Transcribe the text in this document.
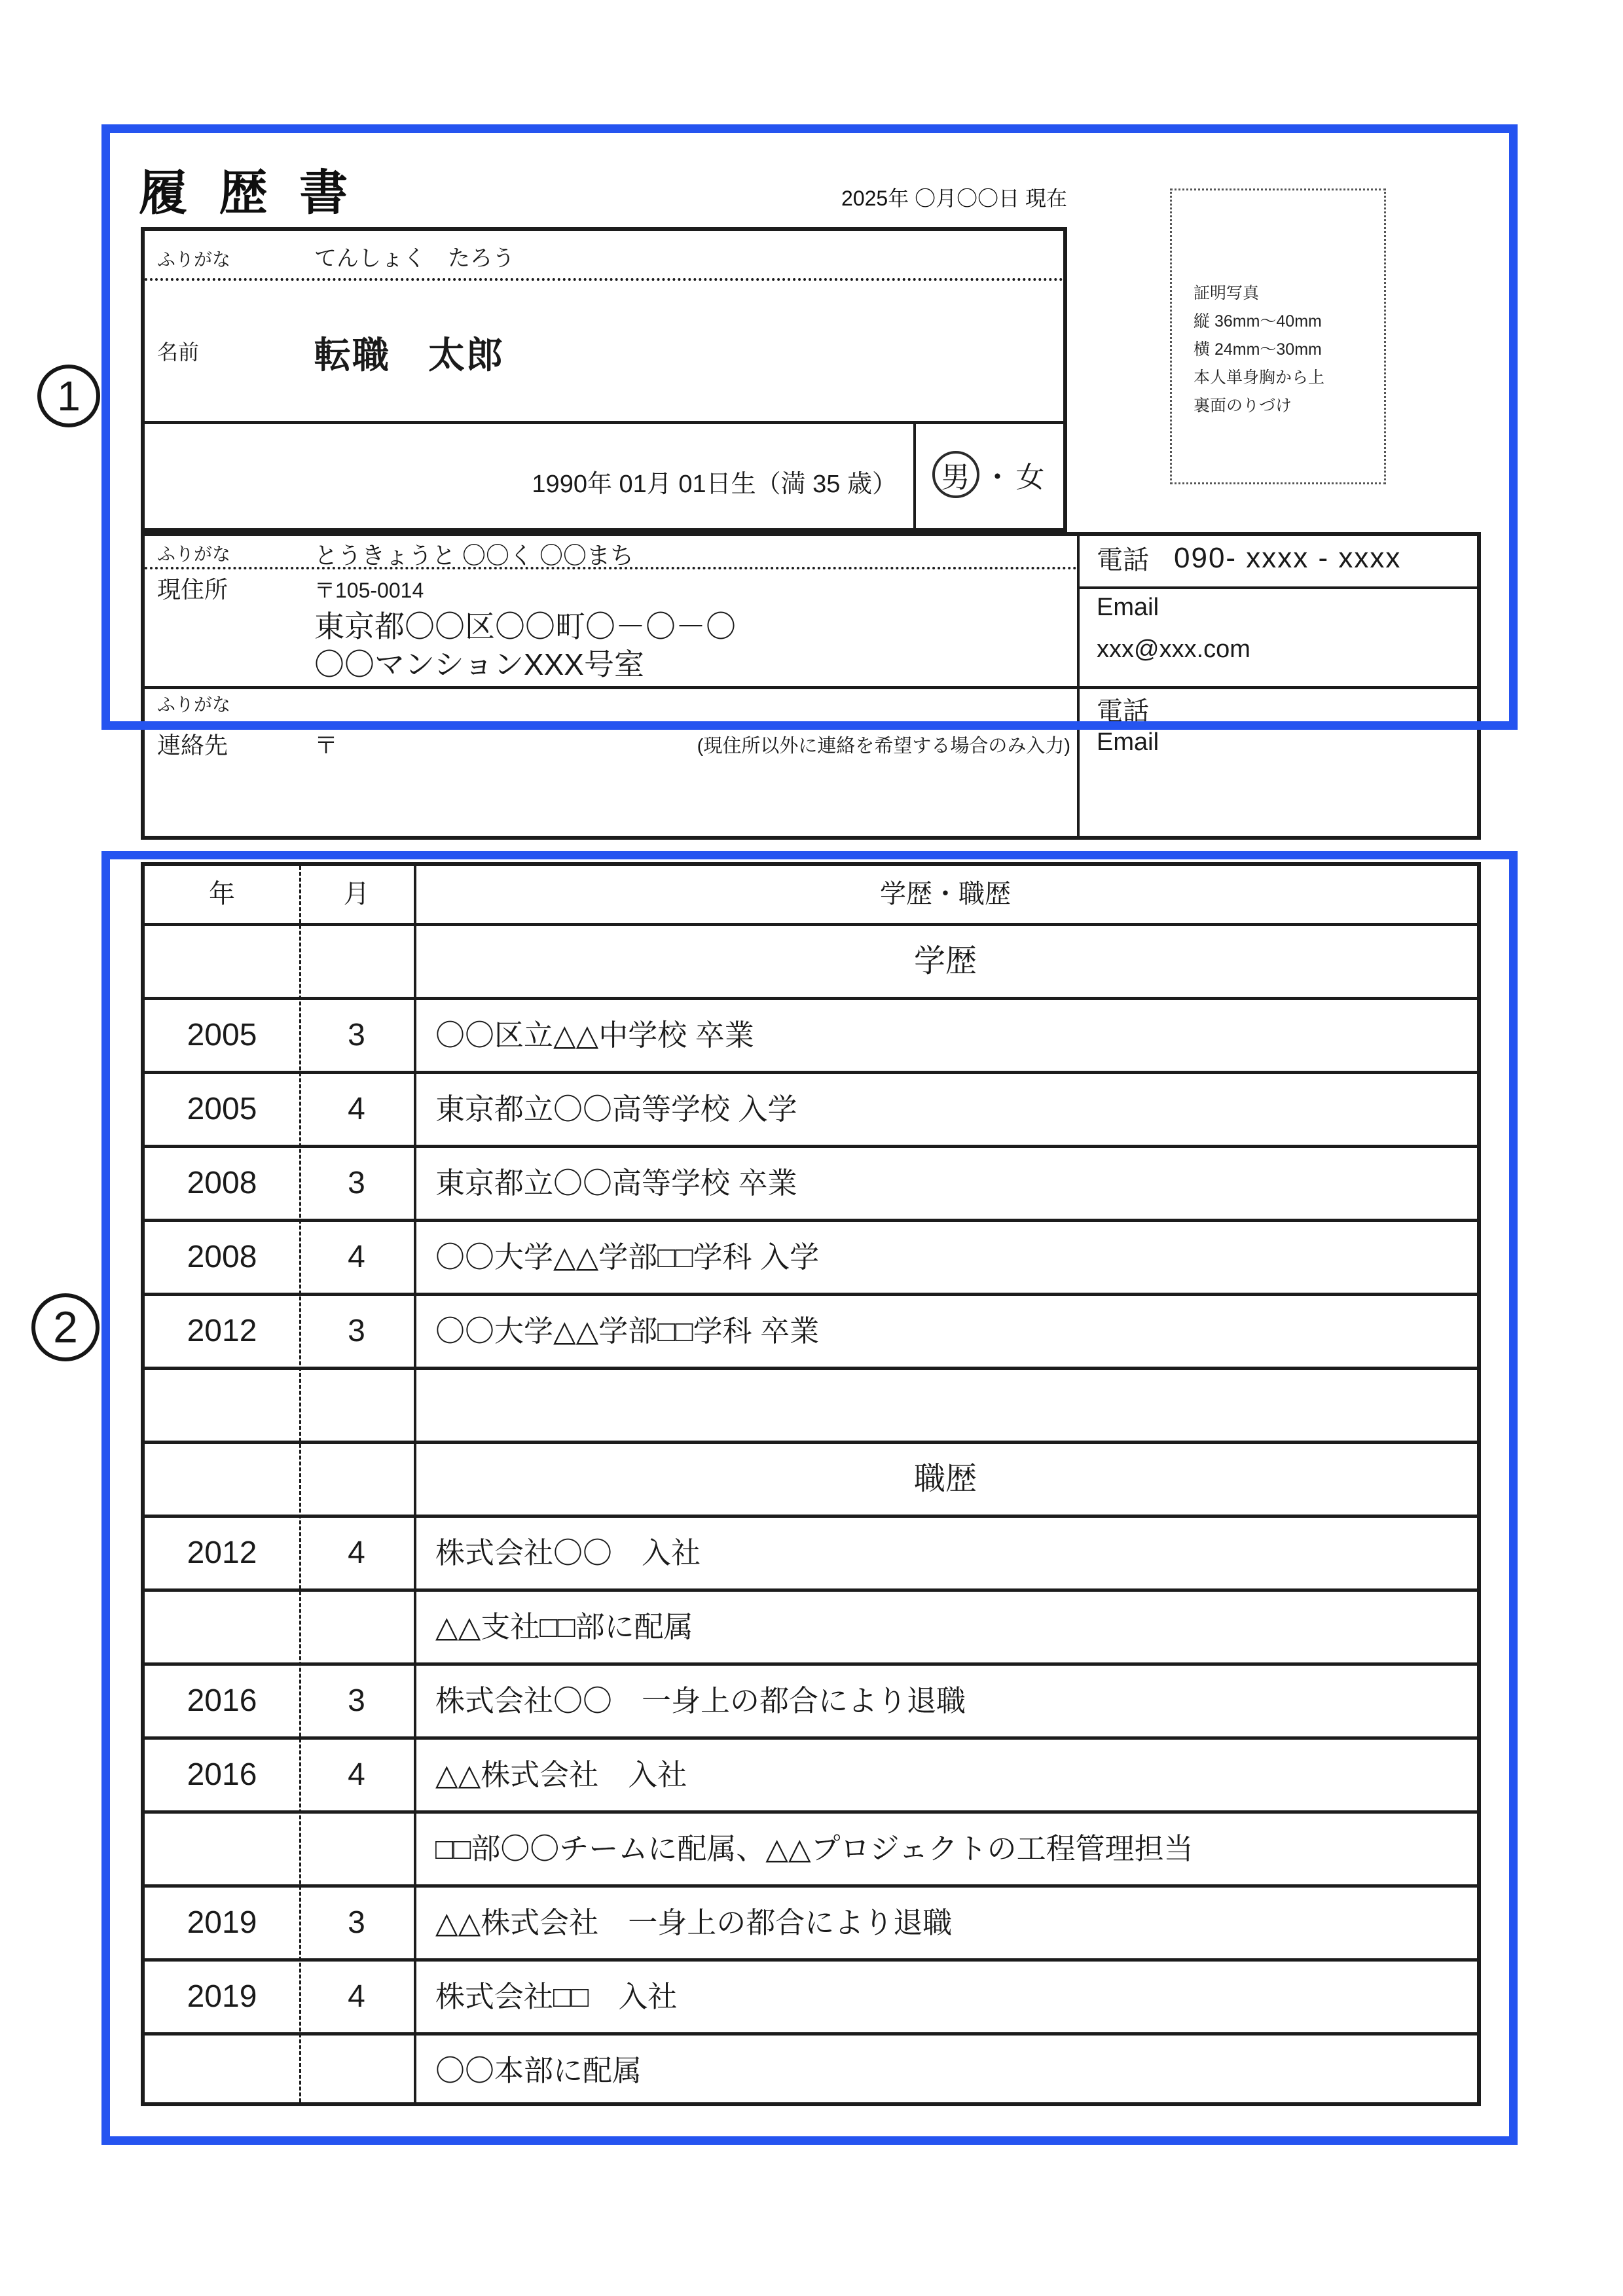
1
2
履 歴 書	2025年 〇月〇〇日 現在
ふりがな	てんしょく　たろう
名前	転職　太郎
1990年 01月 01日生（満 35 歳） 男 ・ 女
証明写真
縦 36mm〜40mm
横 24mm〜30mm
本人単身胸から上
裏面のりづけ
ふりがな	とうきょうと 〇〇く 〇〇まち
現住所	〒105-0014
東京都〇〇区〇〇町〇－〇－〇
〇〇マンションXXX号室
電話 090- xxxx - xxxx
Email
xxx@xxx.com
ふりがな
連絡先	〒	(現住所以外に連絡を希望する場合のみ入力)
電話
Email
年	月	学歴・職歴
学歴
2005	3	〇〇区立△△中学校 卒業
2005	4	東京都立〇〇高等学校 入学
2008	3	東京都立〇〇高等学校 卒業
2008	4	〇〇大学△△学部□□学科 入学
2012	3	〇〇大学△△学部□□学科 卒業
職歴
2012	4	株式会社〇〇　入社
△△支社□□部に配属
2016	3	株式会社〇〇　一身上の都合により退職
2016	4	△△株式会社　入社
□□部〇〇チームに配属、△△プロジェクトの工程管理担当
2019	3	△△株式会社　一身上の都合により退職
2019	4	株式会社□□　入社
〇〇本部に配属
